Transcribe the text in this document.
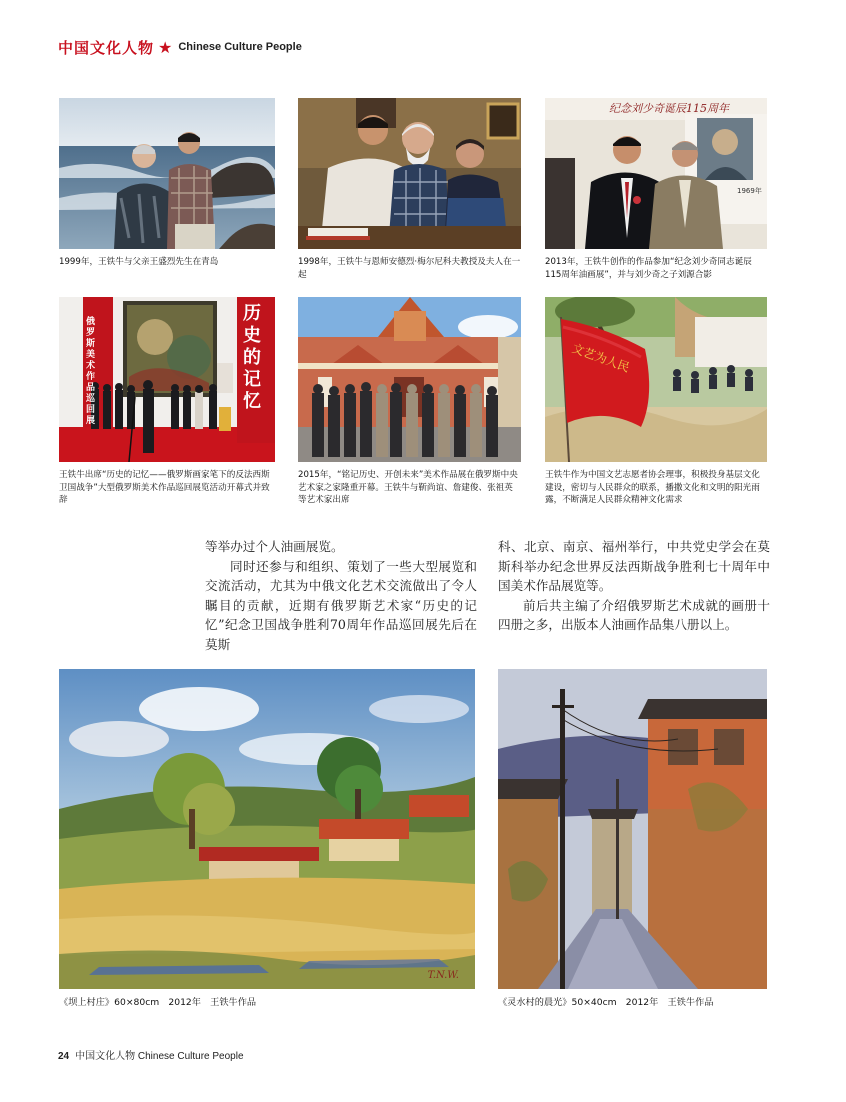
中国文化人物 ★ Chinese Culture People
1999年，王铁牛与父亲王盛烈先生在青岛	1998年，王铁牛与恩师安德烈·梅尔尼科夫教授及夫人在一起
纪念刘少奇诞辰115周年
1969年
2013年，王铁牛创作的作品参加“纪念刘少奇同志诞辰115周年油画展”，并与刘少奇之子刘源合影
历史的记忆
俄罗斯美术作品巡回展
王铁牛出席“历史的记忆——俄罗斯画家笔下的反法西斯卫国战争”大型俄罗斯美术作品巡回展览活动开幕式并致辞
2015年，“铭记历史、开创未来”美术作品展在俄罗斯中央艺术家之家隆重开幕。王铁牛与靳尚谊、詹建俊、张祖英等艺术家出席
文艺为人民
王铁牛作为中国文艺志愿者协会理事，积极投身基层文化建设，密切与人民群众的联系，播撒文化和文明的阳光雨露，不断满足人民群众精神文化需求

等举办过个人油画展览。

同时还参与和组织、策划了一些大型展览和交流活动，尤其为中俄文化艺术交流做出了令人瞩目的贡献，近期有俄罗斯艺术家“历史的记忆”纪念卫国战争胜利70周年作品巡回展先后在莫斯

科、北京、南京、福州举行，中共党史学会在莫斯科举办纪念世界反法西斯战争胜利七十周年中国美术作品展览等。

前后共主编了介绍俄罗斯艺术成就的画册十四册之多，出版本人油画作品集八册以上。

T.N.W.
《坝上村庄》60×80cm　2012年　王铁牛作品	《灵水村的晨光》50×40cm　2012年　王铁牛作品
24 中国文化人物 Chinese Culture People
